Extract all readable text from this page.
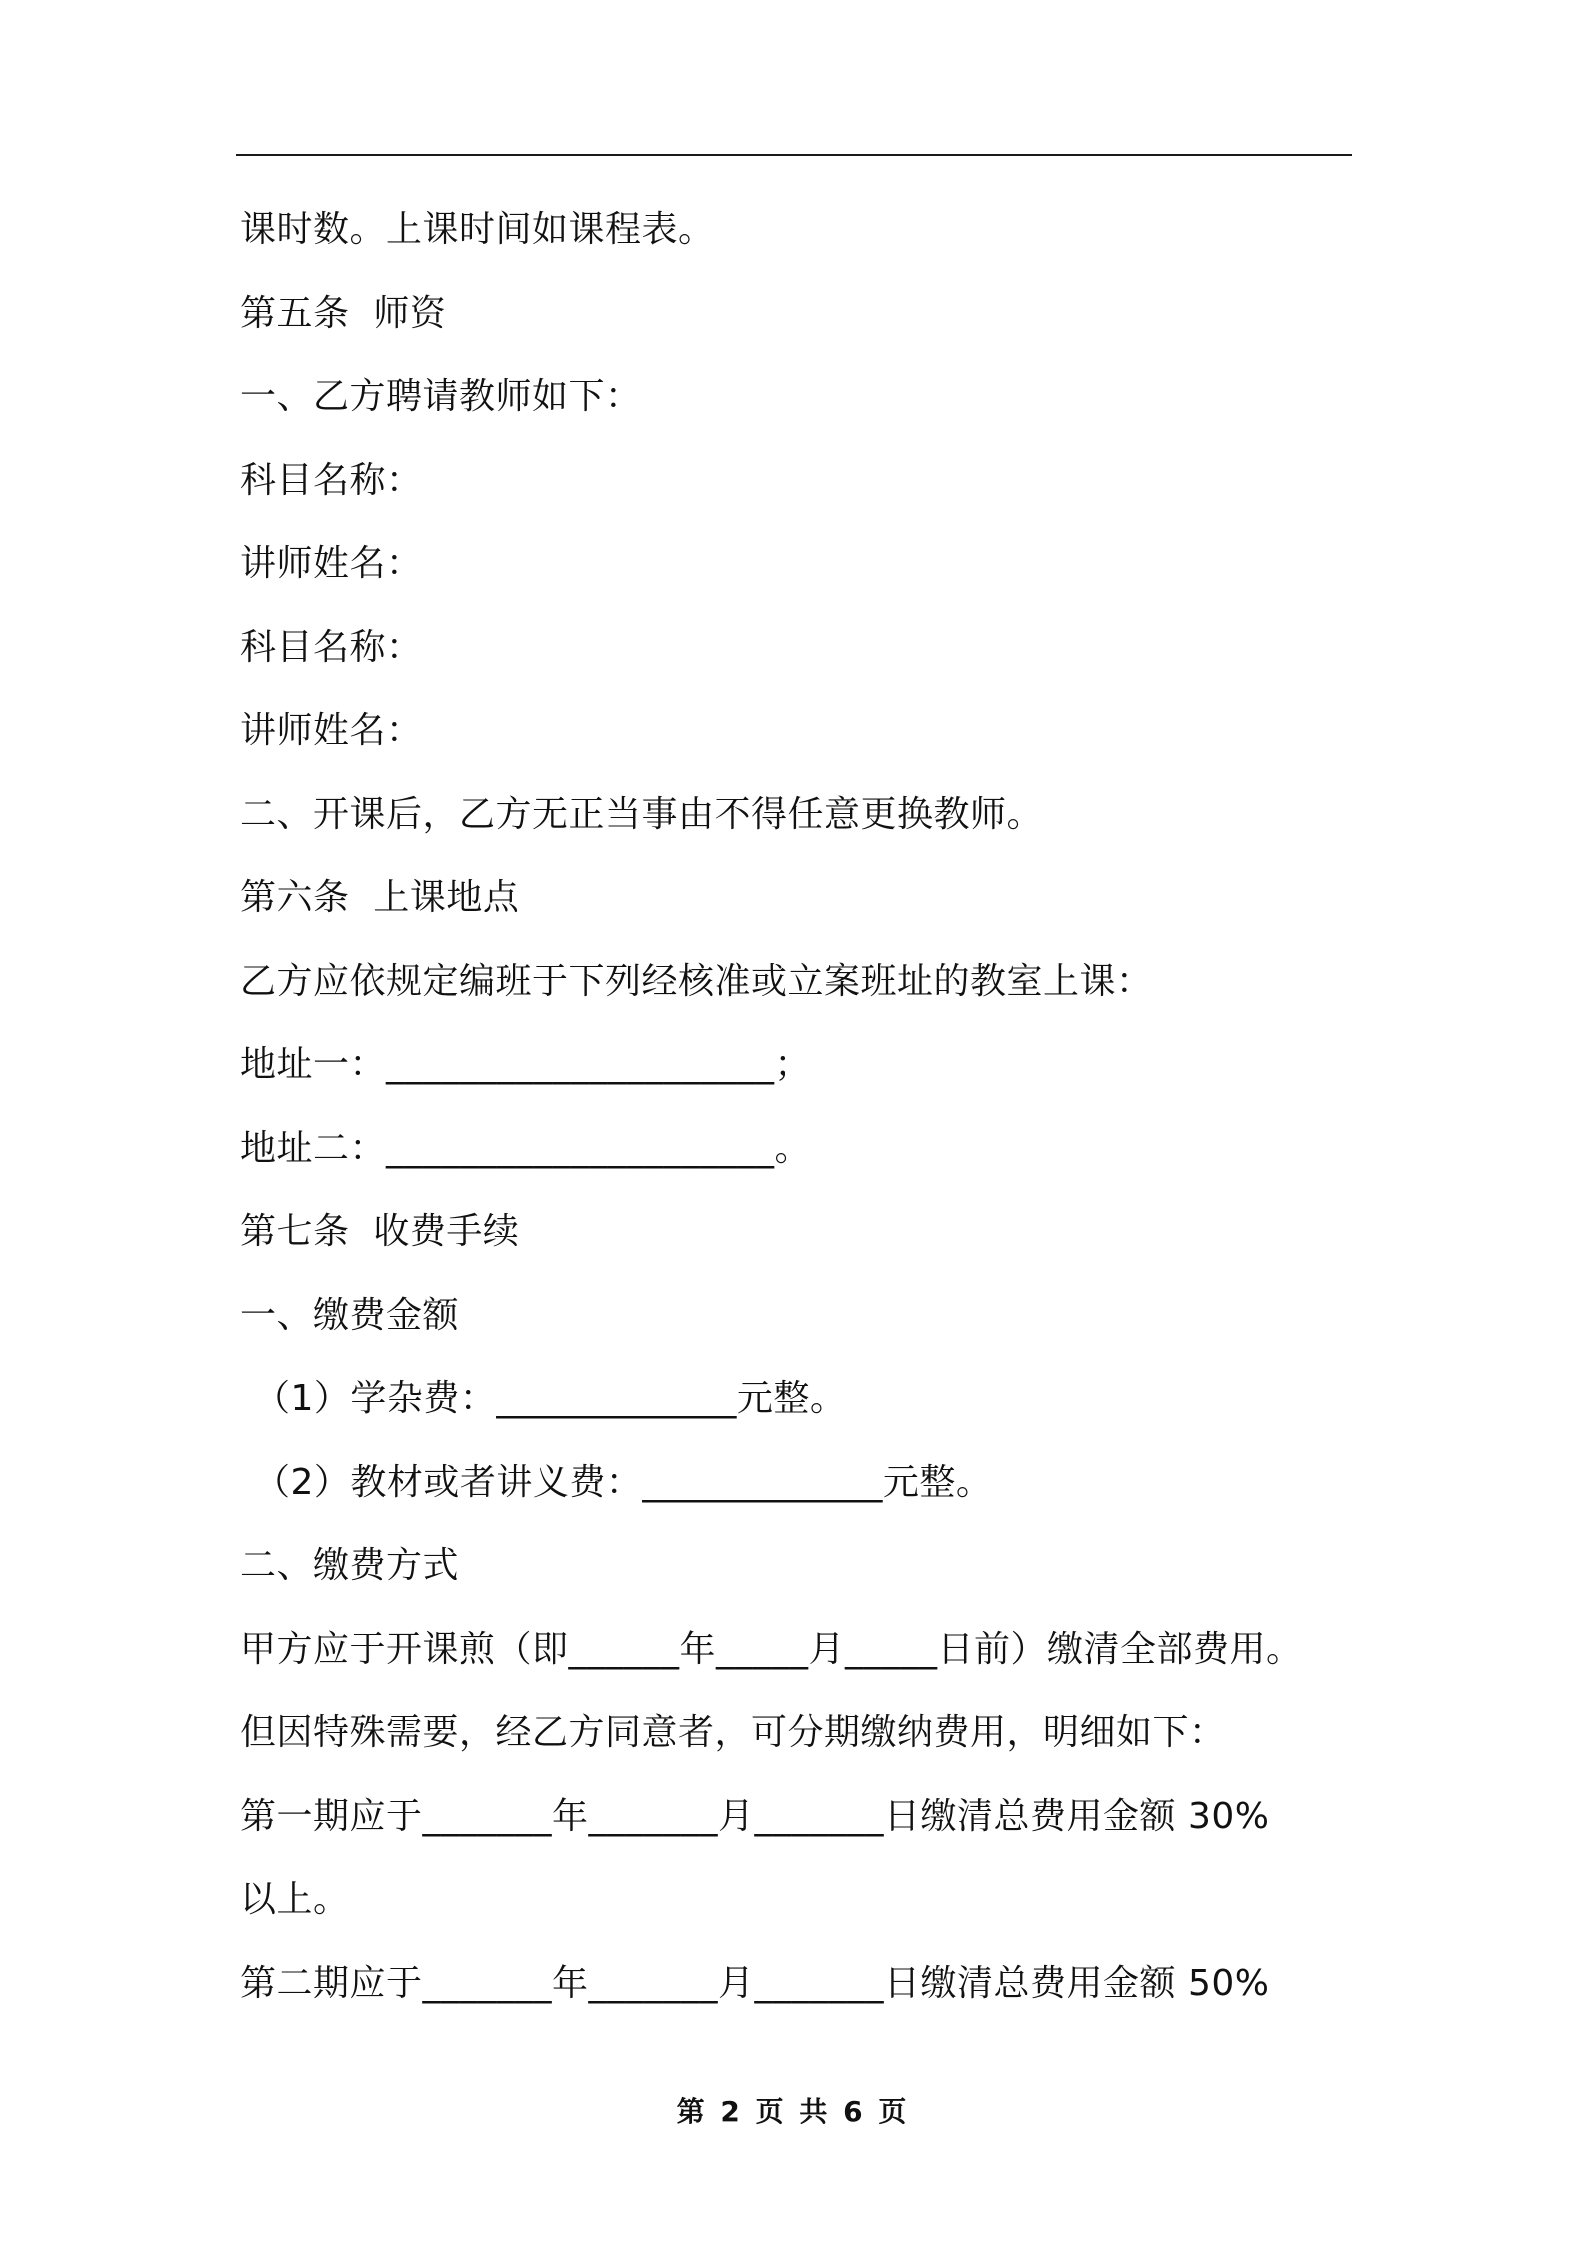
课时数。上课时间如课程表。
第五条  师资
一、乙方聘请教师如下：
科目名称：
讲师姓名：
科目名称：
讲师姓名：
二、开课后，乙方无正当事由不得任意更换教师。
第六条  上课地点
乙方应依规定编班于下列经核准或立案班址的教室上课：
地址一：_____________________；
地址二：_____________________。
第七条  收费手续
一、缴费金额
（1）学杂费：_____________元整。
（2）教材或者讲义费：_____________元整。
二、缴费方式
甲方应于开课煎（即______年_____月_____日前）缴清全部费用。
但因特殊需要，经乙方同意者，可分期缴纳费用，明细如下：
第一期应于_______年_______月_______日缴清总费用金额 30%
以上。
第二期应于_______年_______月_______日缴清总费用金额 50%
第 2 页 共 6 页
